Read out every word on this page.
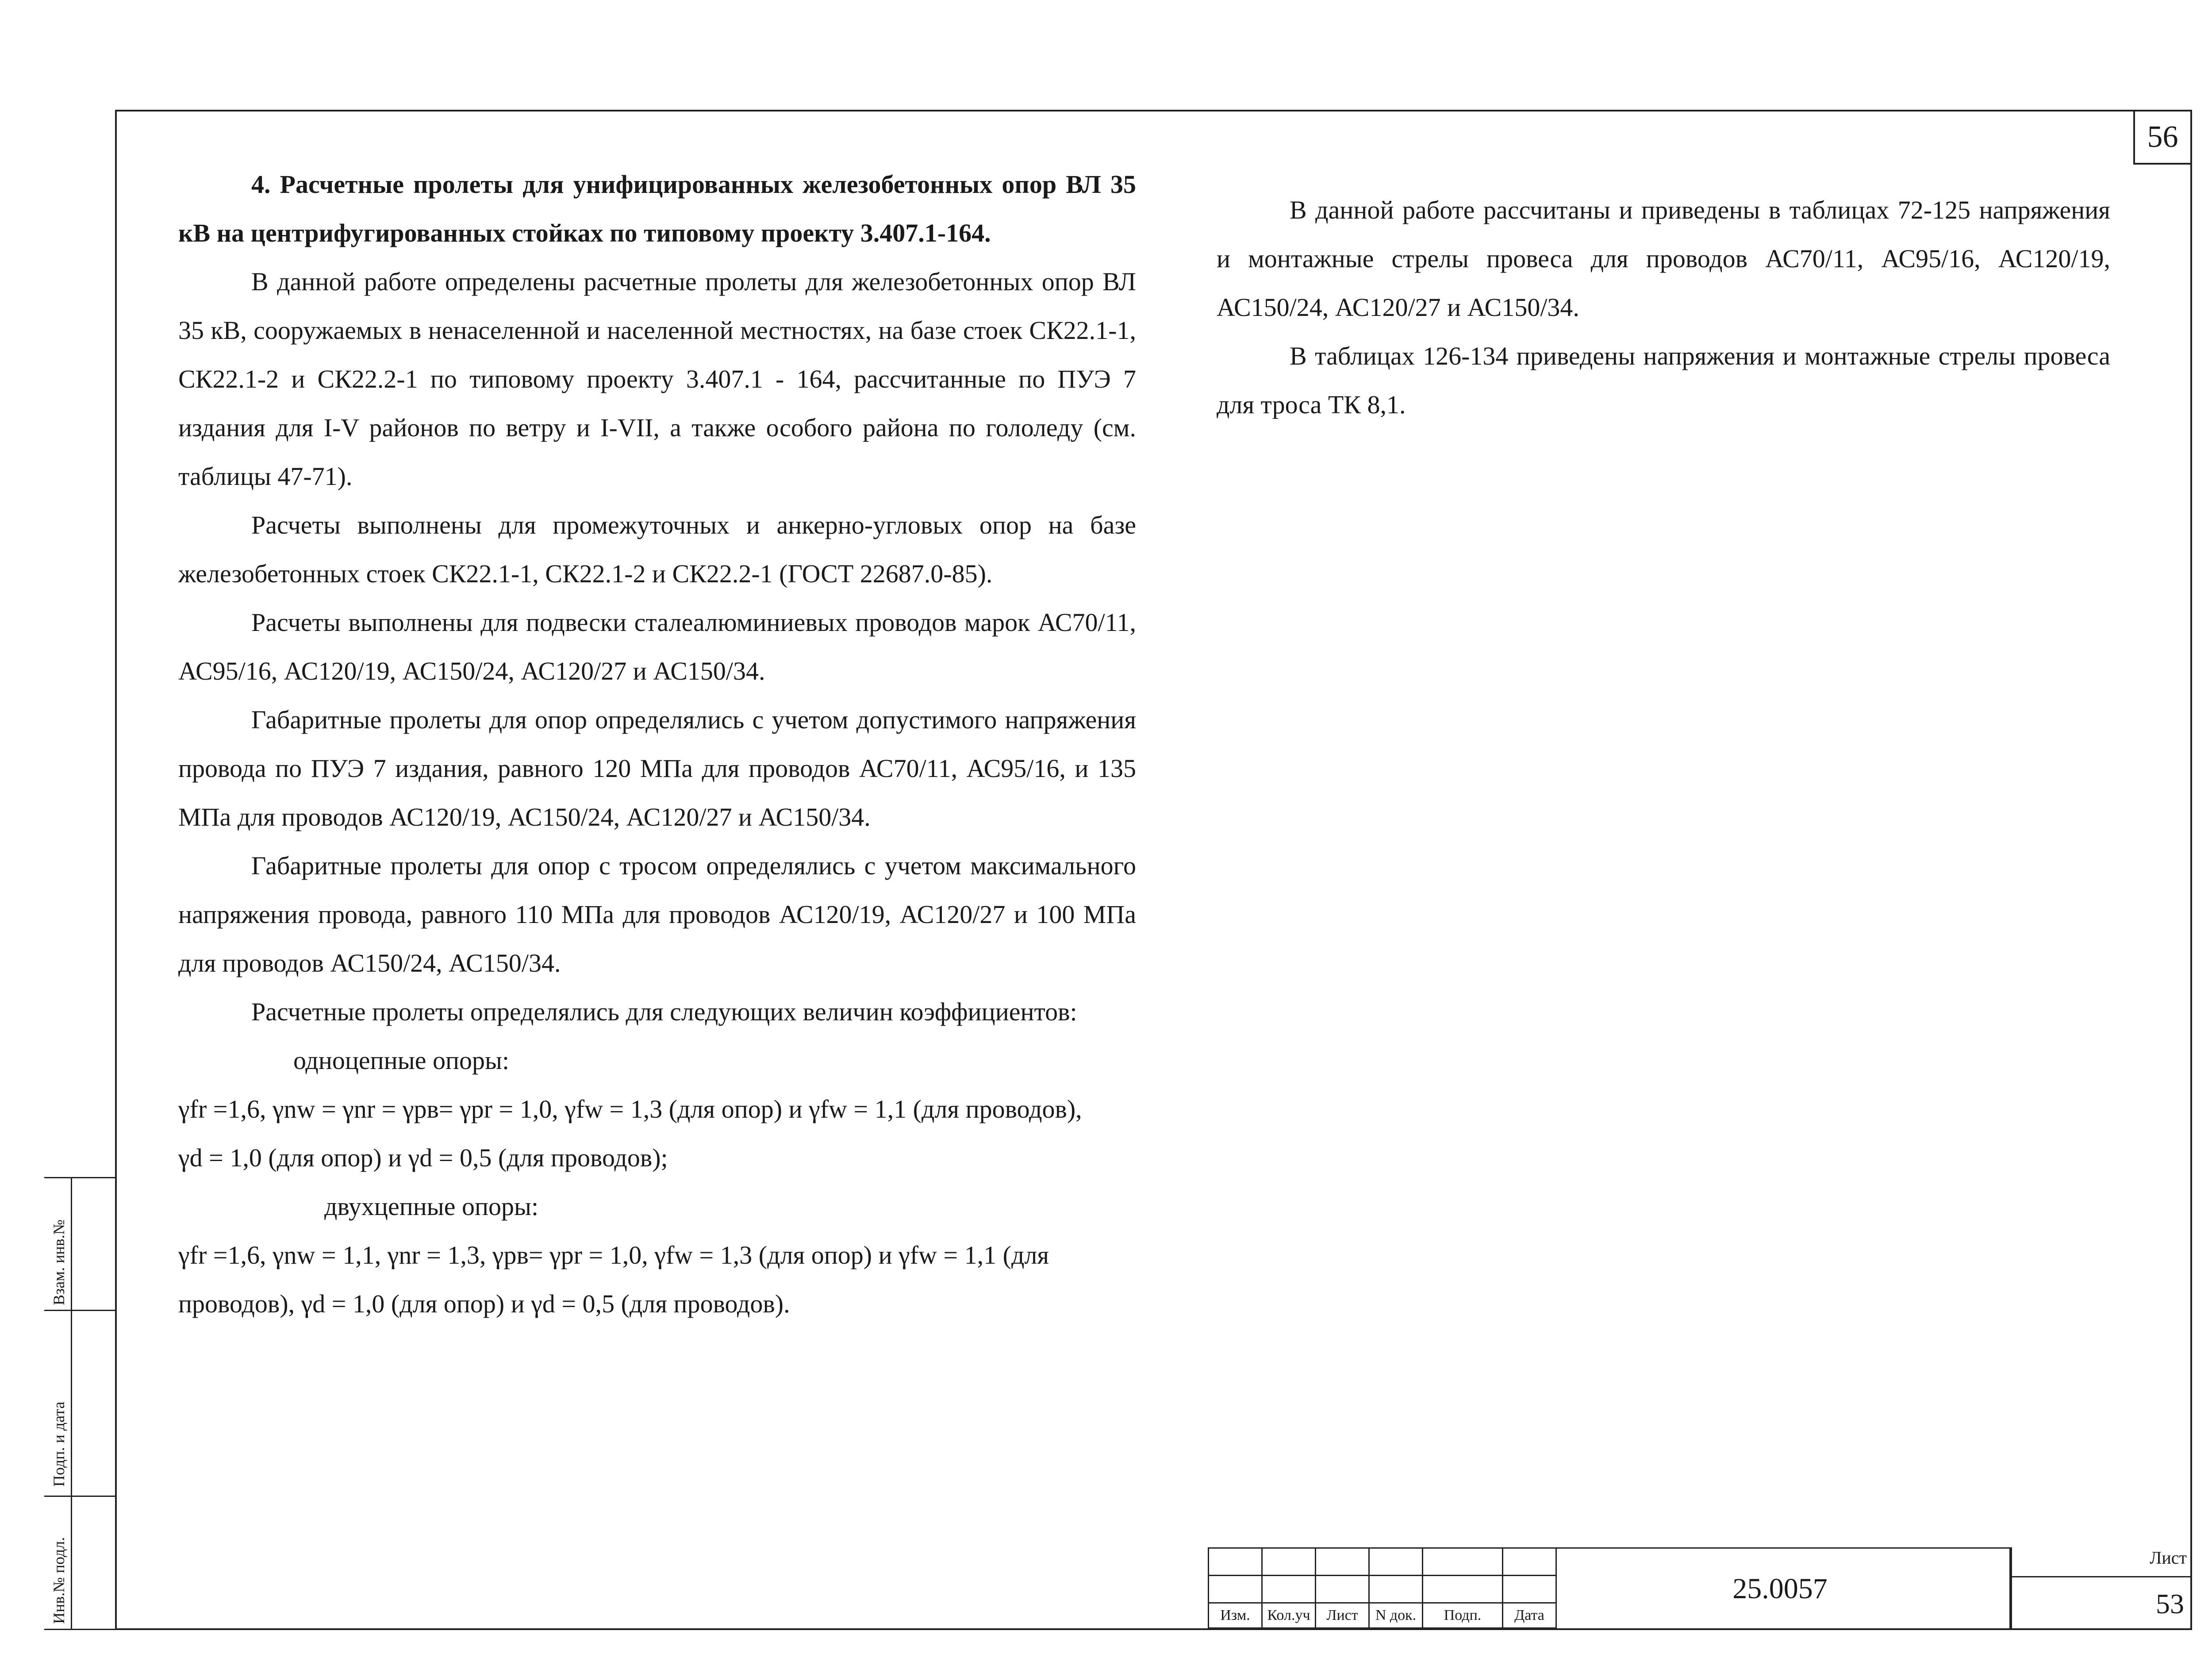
56

4. Расчетные пролеты для унифицированных железобетонных опор ВЛ 35 кВ на центрифугированных стойках по типовому проекту 3.407.1-164.

В данной работе определены расчетные пролеты для железобетонных опор ВЛ 35 кВ, сооружаемых в ненаселенной и населенной местностях, на базе стоек СК22.1-1, СК22.1-2 и СК22.2-1 по типовому проекту 3.407.1 - 164, рассчитанные по ПУЭ 7 издания для I-V районов по ветру и I-VII, а также особого района по гололеду (см. таблицы 47-71).

Расчеты выполнены для промежуточных и анкерно-угловых опор на базе железобетонных стоек СК22.1-1, СК22.1-2 и СК22.2-1 (ГОСТ 22687.0-85).

Расчеты выполнены для подвески сталеалюминиевых проводов марок АС70/11, АС95/16, АС120/19, АС150/24, АС120/27 и АС150/34.

Габаритные пролеты для опор определялись с учетом допустимого напряжения провода по ПУЭ 7 издания, равного 120 МПа для проводов АС70/11, АС95/16, и 135 МПа для проводов АС120/19, АС150/24, АС120/27 и АС150/34.

Габаритные пролеты для опор с тросом определялись с учетом максимального напряжения провода, равного 110 МПа для проводов АС120/19, АС120/27 и 100 МПа для проводов АС150/24, АС150/34.

Расчетные пролеты определялись для следующих величин коэффициентов:

одноцепные опоры:

γfr =1,6, γnw = γnr = γрв= γpr = 1,0, γfw = 1,3 (для опор) и γfw = 1,1 (для проводов),

γd = 1,0 (для опор) и γd = 0,5 (для проводов);

двухцепные опоры:

γfr =1,6, γnw = 1,1, γnr = 1,3, γрв= γpr = 1,0, γfw = 1,3 (для опор) и γfw = 1,1 (для

проводов), γd = 1,0 (для опор) и γd = 0,5 (для проводов).

В данной работе рассчитаны и приведены в таблицах 72-125 напряжения и монтажные стрелы провеса для проводов АС70/11, АС95/16, АС120/19, АС150/24, АС120/27 и АС150/34.

В таблицах 126-134 приведены напряжения и монтажные стрелы провеса для троса ТК 8,1.

Взам. инв.№
Подп. и дата
Инв.№ подл.

						Изм.	Кол.уч	Лист	N док.	Подп.	Дата
25.0057
Лист
53
